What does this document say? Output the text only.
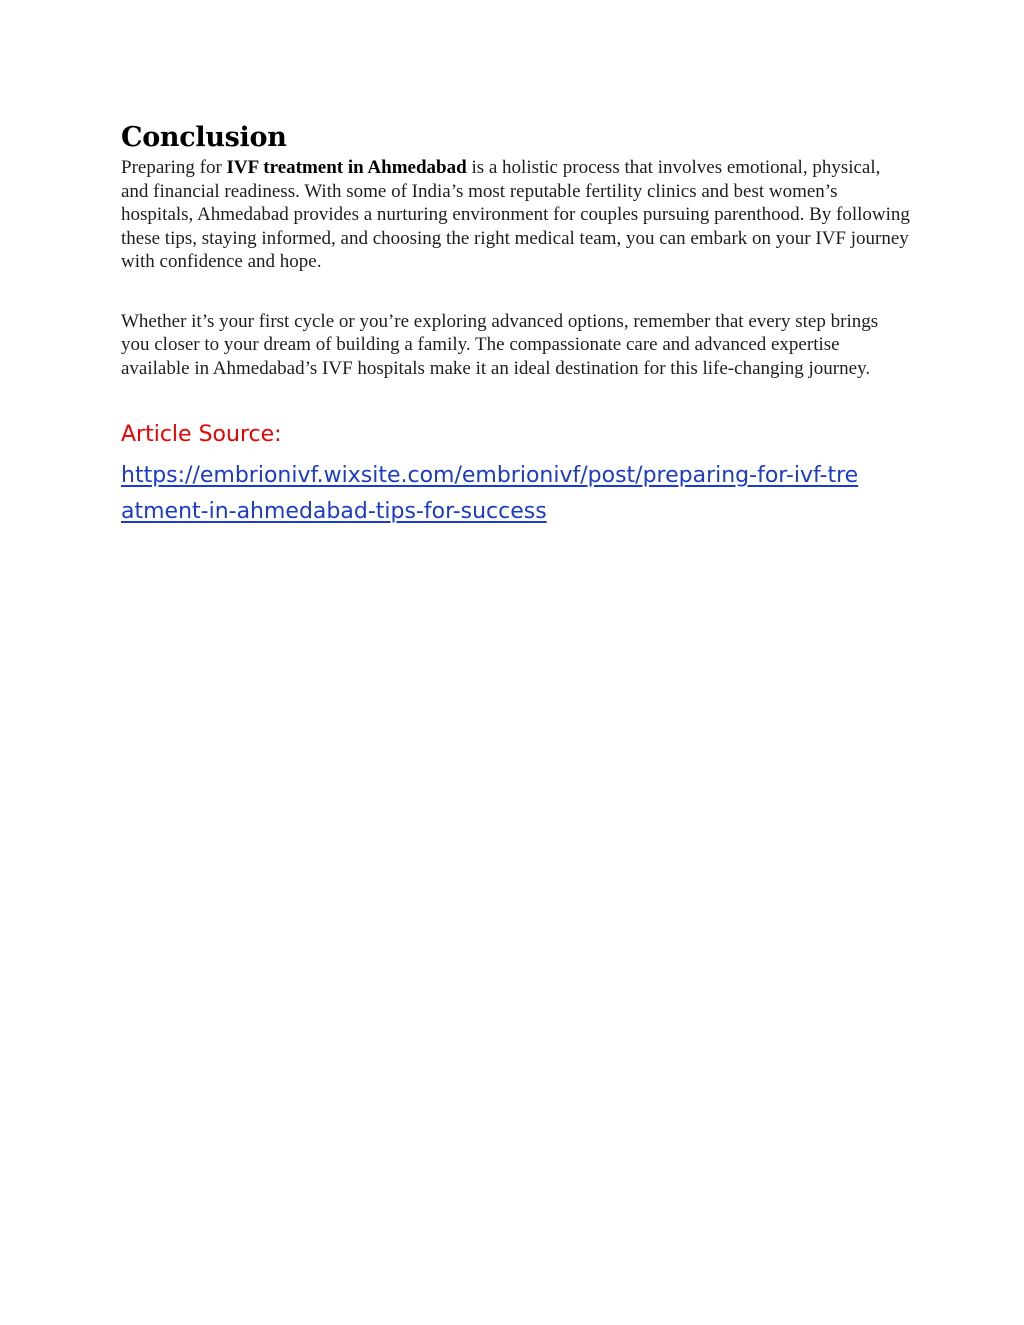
Conclusion

Preparing for IVF treatment in Ahmedabad is a holistic process that involves emotional, physical, and financial readiness. With some of India’s most reputable fertility clinics and best women’s hospitals, Ahmedabad provides a nurturing environment for couples pursuing parenthood. By following these tips, staying informed, and choosing the right medical team, you can embark on your IVF journey with confidence and hope.

Whether it’s your first cycle or you’re exploring advanced options, remember that every step brings you closer to your dream of building a family. The compassionate care and advanced expertise available in Ahmedabad’s IVF hospitals make it an ideal destination for this life-changing journey.

Article Source:
https://embrionivf.wixsite.com/embrionivf/post/preparing-for-ivf-treatment-in-ahmedabad-tips-for-success
